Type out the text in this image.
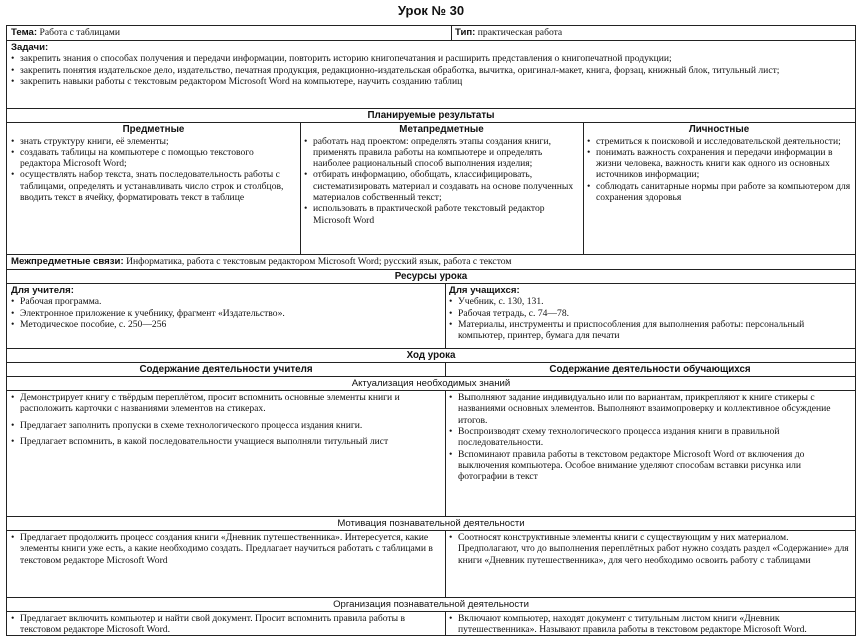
Урок № 30
Тема: Работа с таблицами	Тип: практическая работа
Задачи:
• закрепить знания о способах получения и передачи информации, повторить историю книгопечатания и расширить представления о книгопечатной продукции;
• закрепить понятия издательское дело, издательство, печатная продукция, редакционно-издательская обработка, вычитка, оригинал-макет, книга, форзац, книжный блок, титульный лист;
• закрепить навыки работы с текстовым редактором Microsoft Word на компьютере, научить созданию таблиц
Планируемые результаты
Предметные
• знать структуру книги, её элементы;
• создавать таблицы на компьютере с помощью текстового редактора Microsoft Word;
• осуществлять набор текста, знать последовательность работы с таблицами, определять и устанавливать число строк и столбцов, вводить текст в ячейку, форматировать текст в таблице
Метапредметные
• работать над проектом: определять этапы создания книги, применять правила работы на компьютере и определять наиболее рациональный способ выполнения изделия;
• отбирать информацию, обобщать, классифицировать, систематизировать материал и создавать на основе полученных материалов собственный текст;
• использовать в практической работе текстовый редактор Microsoft Word
Личностные
• стремиться к поисковой и исследовательской деятельности;
• понимать важность сохранения и передачи информации в жизни человека, важность книги как одного из основных источников информации;
• соблюдать санитарные нормы при работе за компьютером для сохранения здоровья
Межпредметные связи: Информатика, работа с текстовым редактором Microsoft Word; русский язык, работа с текстом
Ресурсы урока
Для учителя:
• Рабочая программа.
• Электронное приложение к учебнику, фрагмент «Издательство».
• Методическое пособие, с. 250—256
Для учащихся:
• Учебник, с. 130, 131.
• Рабочая тетрадь, с. 74—78.
• Материалы, инструменты и приспособления для выполнения работы: персональный компьютер, принтер, бумага для печати
Ход урока
Содержание деятельности учителя	Содержание деятельности обучающихся
Актуализация необходимых знаний
• Демонстрирует книгу с твёрдым переплётом, просит вспомнить основные элементы книги и расположить карточки с названиями элементов на стикерах.
• Предлагает заполнить пропуски в схеме технологического процесса издания книги.
• Предлагает вспомнить, в какой последовательности учащиеся выполняли титульный лист
• Выполняют задание индивидуально или по вариантам, прикрепляют к книге стикеры с названиями основных элементов. Выполняют взаимопроверку и коллективное обсуждение итогов.
• Воспроизводят схему технологического процесса издания книги в правильной последовательности.
• Вспоминают правила работы в текстовом редакторе Microsoft Word от включения до выключения компьютера. Особое внимание уделяют способам вставки рисунка или фотографии в текст
Мотивация познавательной деятельности
• Предлагает продолжить процесс создания книги «Дневник путешественника». Интересуется, какие элементы книги уже есть, а какие необходимо создать. Предлагает научиться работать с таблицами в текстовом редакторе Microsoft Word
• Соотносят конструктивные элементы книги с существующим у них материалом. Предполагают, что до выполнения переплётных работ нужно создать раздел «Содержание» для книги «Дневник путешественника», для чего необходимо освоить работу с таблицами
Организация познавательной деятельности
• Предлагает включить компьютер и найти свой документ. Просит вспомнить правила работы в текстовом редакторе Microsoft Word.
• Включают компьютер, находят документ с титульным листом книги «Дневник путешественника». Называют правила работы в текстовом редакторе Microsoft Word.
